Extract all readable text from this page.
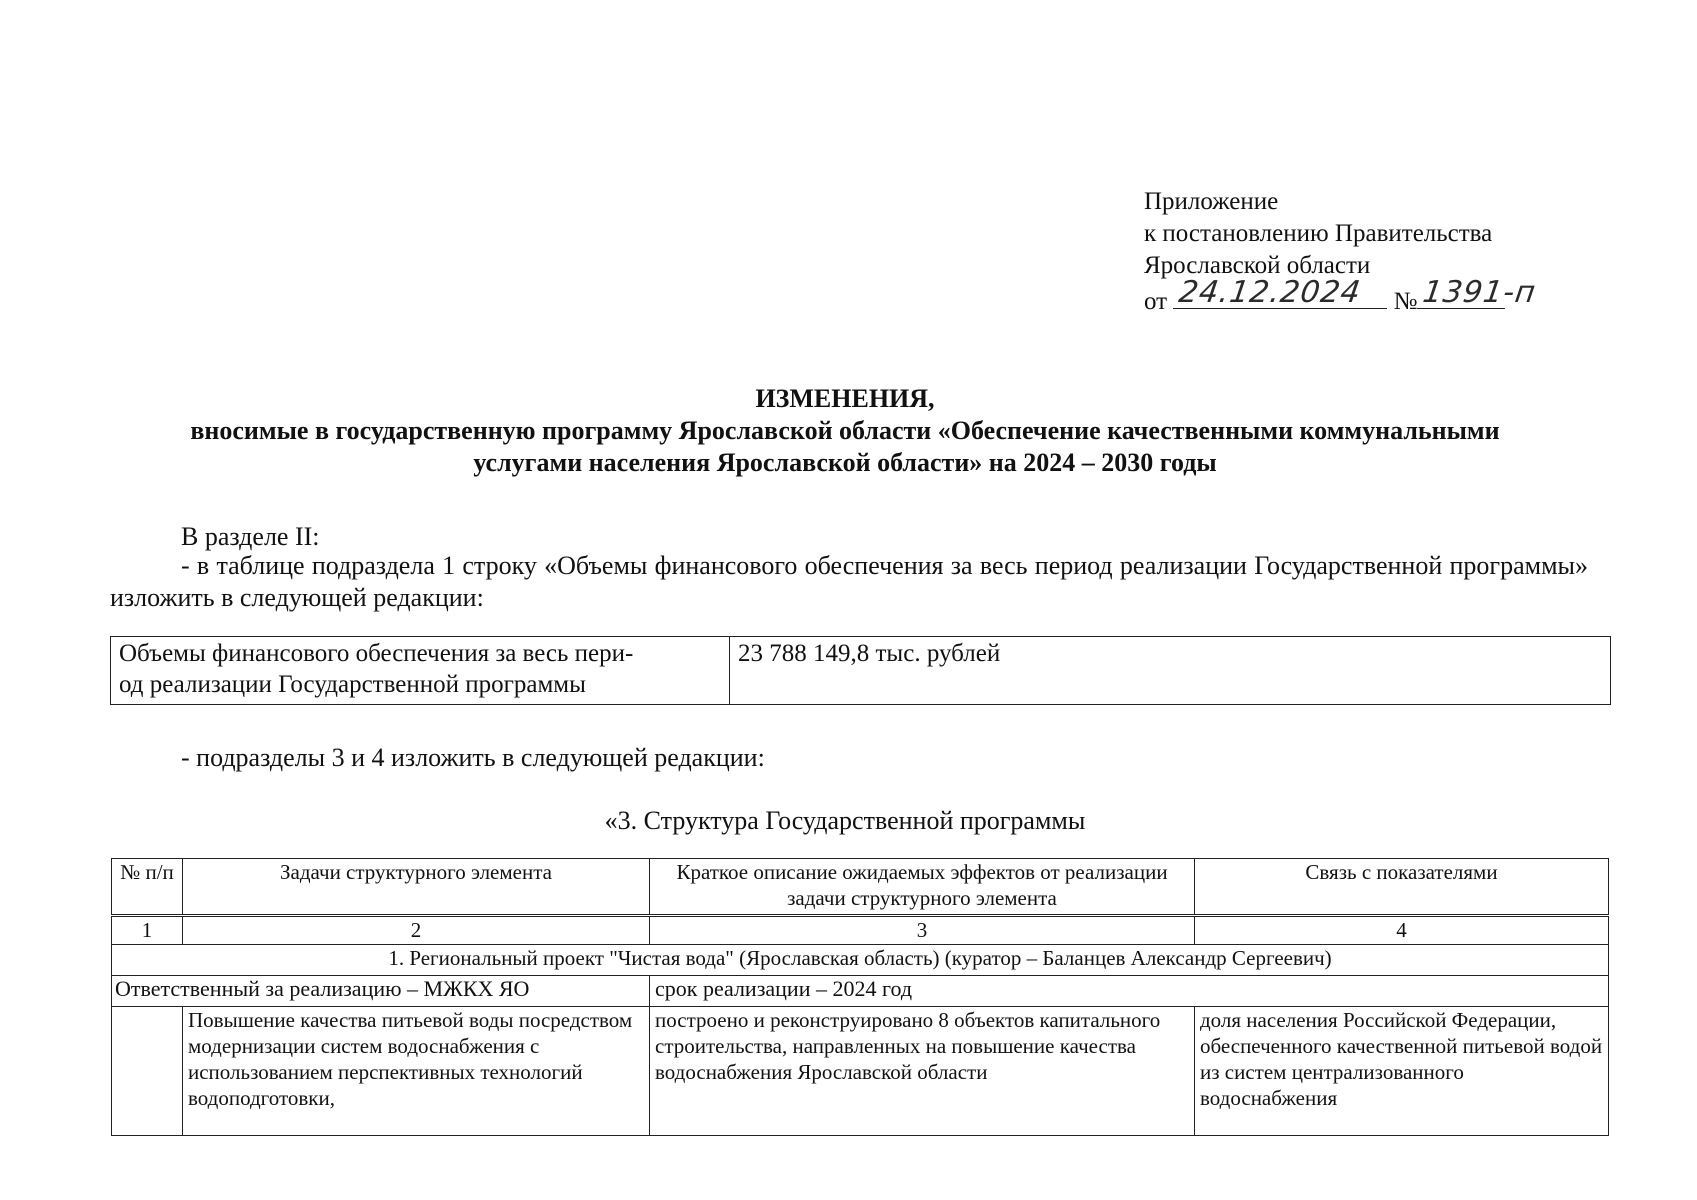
Приложение
к постановлению Правительства
Ярославской области
от 24.12.2024 № 1391-п
ИЗМЕНЕНИЯ,
вносимые в государственную программу Ярославской области «Обеспечение качественными коммунальными
услугами населения Ярославской области» на 2024 – 2030 годы
В разделе II:
- в таблице подраздела 1 строку «Объемы финансового обеспечения за весь период реализации Государственной программы» изложить в следующей редакции:
Объемы финансового обеспечения за весь пери-
од реализации Государственной программы
	23 788 149,8 тыс. рублей
- подразделы 3 и 4 изложить в следующей редакции:
«3. Структура Государственной программы
№ п/п	Задачи структурного элемента	Краткое описание ожидаемых эффектов от реализации задачи структурного элемента	Связь с показателями
1	2	3	4
1. Региональный проект "Чистая вода" (Ярославская область) (куратор – Баланцев Александр Сергеевич)			
Ответственный за реализацию – МЖКХ ЯО		срок реализации – 2024 год	
	Повышение качества питьевой воды посредством модернизации систем водоснабжения с использованием перспективных технологий водоподготовки,	построено и реконструировано 8 объектов капитального строительства, направленных на повышение качества водоснабжения Ярославской области	доля населения Российской Федерации, обеспеченного качественной питьевой водой из систем централизованного водоснабжения
